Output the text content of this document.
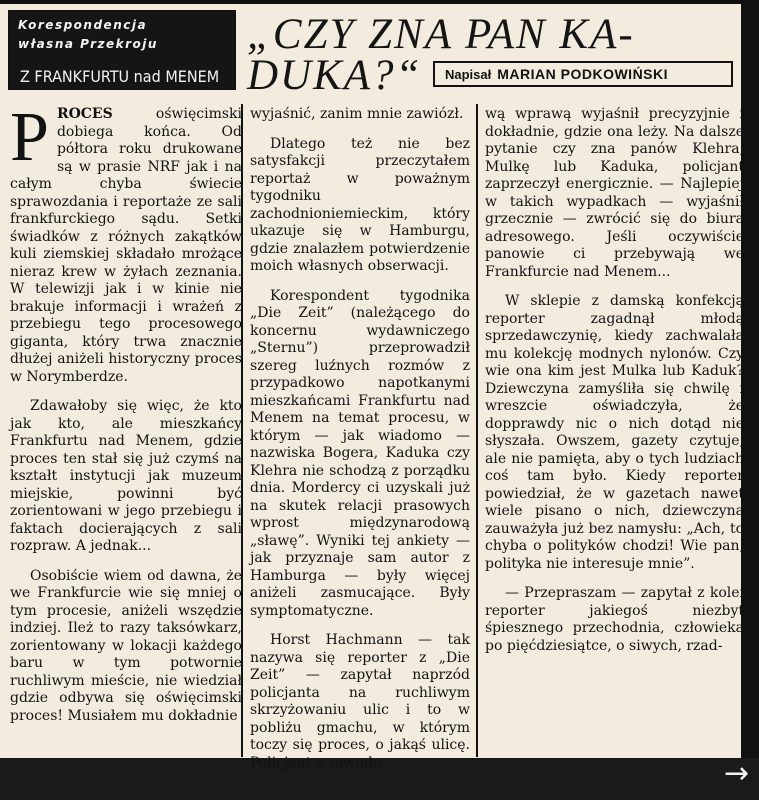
Korespondencja
własna Przekroju
Z FRANKFURTU nad MENEM
„CZY ZNA PAN KA-
DUKA?“ Napisał MARIAN PODKOWIŃSKI

PROCES	oświęcimski dobiega końca. Od półtora roku drukowane są w prasie NRF jak i na całym chyba świecie sprawozdania i reportaże ze sali frankfurckiego sądu. Setki świadków z różnych zakątków kuli ziemskiej składało mrożące nieraz krew w żyłach zeznania. W telewizji jak i w kinie nie brakuje informacji i wrażeń z przebiegu tego procesowego giganta, który trwa znacznie dłużej aniżeli historyczny proces w Norymberdze.

Zdawałoby się więc, że kto jak kto, ale mieszkańcy Frankfurtu nad Menem, gdzie proces ten stał się już czymś na kształt instytucji jak muzeum miejskie, powinni być zorientowani w jego przebiegu i faktach docierających z sali rozpraw. A jednak...

Osobiście wiem od dawna, że we Frankfurcie wie się mniej o tym procesie, aniżeli wszędzie indziej. Ileż to razy taksówkarz, zorientowany w lokacji każdego baru w tym potwornie ruchliwym mieście, nie wiedział gdzie odbywa się oświęcimski proces! Musiałem mu dokładnie

wyjaśnić, zanim mnie zawiózł.

Dlatego też nie bez satysfakcji przeczytałem reportaż w poważnym tygodniku zachodnioniemieckim, który ukazuje się w Hamburgu, gdzie znalazłem potwierdzenie moich własnych obserwacji.

Korespondent tygodnika „Die Zeit” (należącego do koncernu wydawniczego „Sternu”) przeprowadził szereg luźnych rozmów z przypadkowo napotkanymi mieszkańcami Frankfurtu nad Menem na temat procesu, w którym — jak wiadomo — nazwiska Bogera, Kaduka czy Klehra nie schodzą z porządku dnia. Mordercy ci uzyskali już na skutek relacji prasowych wprost międzynarodową „sławę”. Wyniki tej ankiety — jak przyznaje sam autor z Hamburga — były więcej aniżeli zasmucające. Były symptomatyczne.

Horst Hachmann — tak nazywa się reporter z „Die Zeit” — zapytał naprzód policjanta na ruchliwym skrzyżowaniu ulic i to w pobliżu gmachu, w którym toczy się proces, o jakąś ulicę. Policjant z zawodo-

wą wprawą wyjaśnił precyzyjnie i dokładnie, gdzie ona leży. Na dalsze pytanie czy zna panów Klehra, Mulkę lub Kaduka, policjant zaprzeczył energicznie. — Najlepiej w takich wypadkach — wyjaśnił grzecznie — zwrócić się do biura adresowego. Jeśli oczywiście panowie ci przebywają we Frankfurcie nad Menem...

W sklepie z damską konfekcją reporter zagadnął młodą sprzedawczynię, kiedy zachwalała mu kolekcję modnych nylonów. Czy wie ona kim jest Mulka lub Kaduk? Dziewczyna zamyśliła się chwilę i wreszcie oświadczyła, że dopprawdy nic o nich dotąd nie słyszała. Owszem, gazety czytuje, ale nie pamięta, aby o tych ludziach coś tam było. Kiedy reporter powiedział, że w gazetach nawet wiele pisano o nich, dziewczyna zauważyła już bez namysłu: „Ach, to chyba o polityków chodzi! Wie pan, polityka nie interesuje mnie”.

— Przepraszam — zapytał z kolei reporter jakiegoś niezbyt śpiesznego przechodnia, człowieka po pięćdziesiątce, o siwych, rzad-

→
